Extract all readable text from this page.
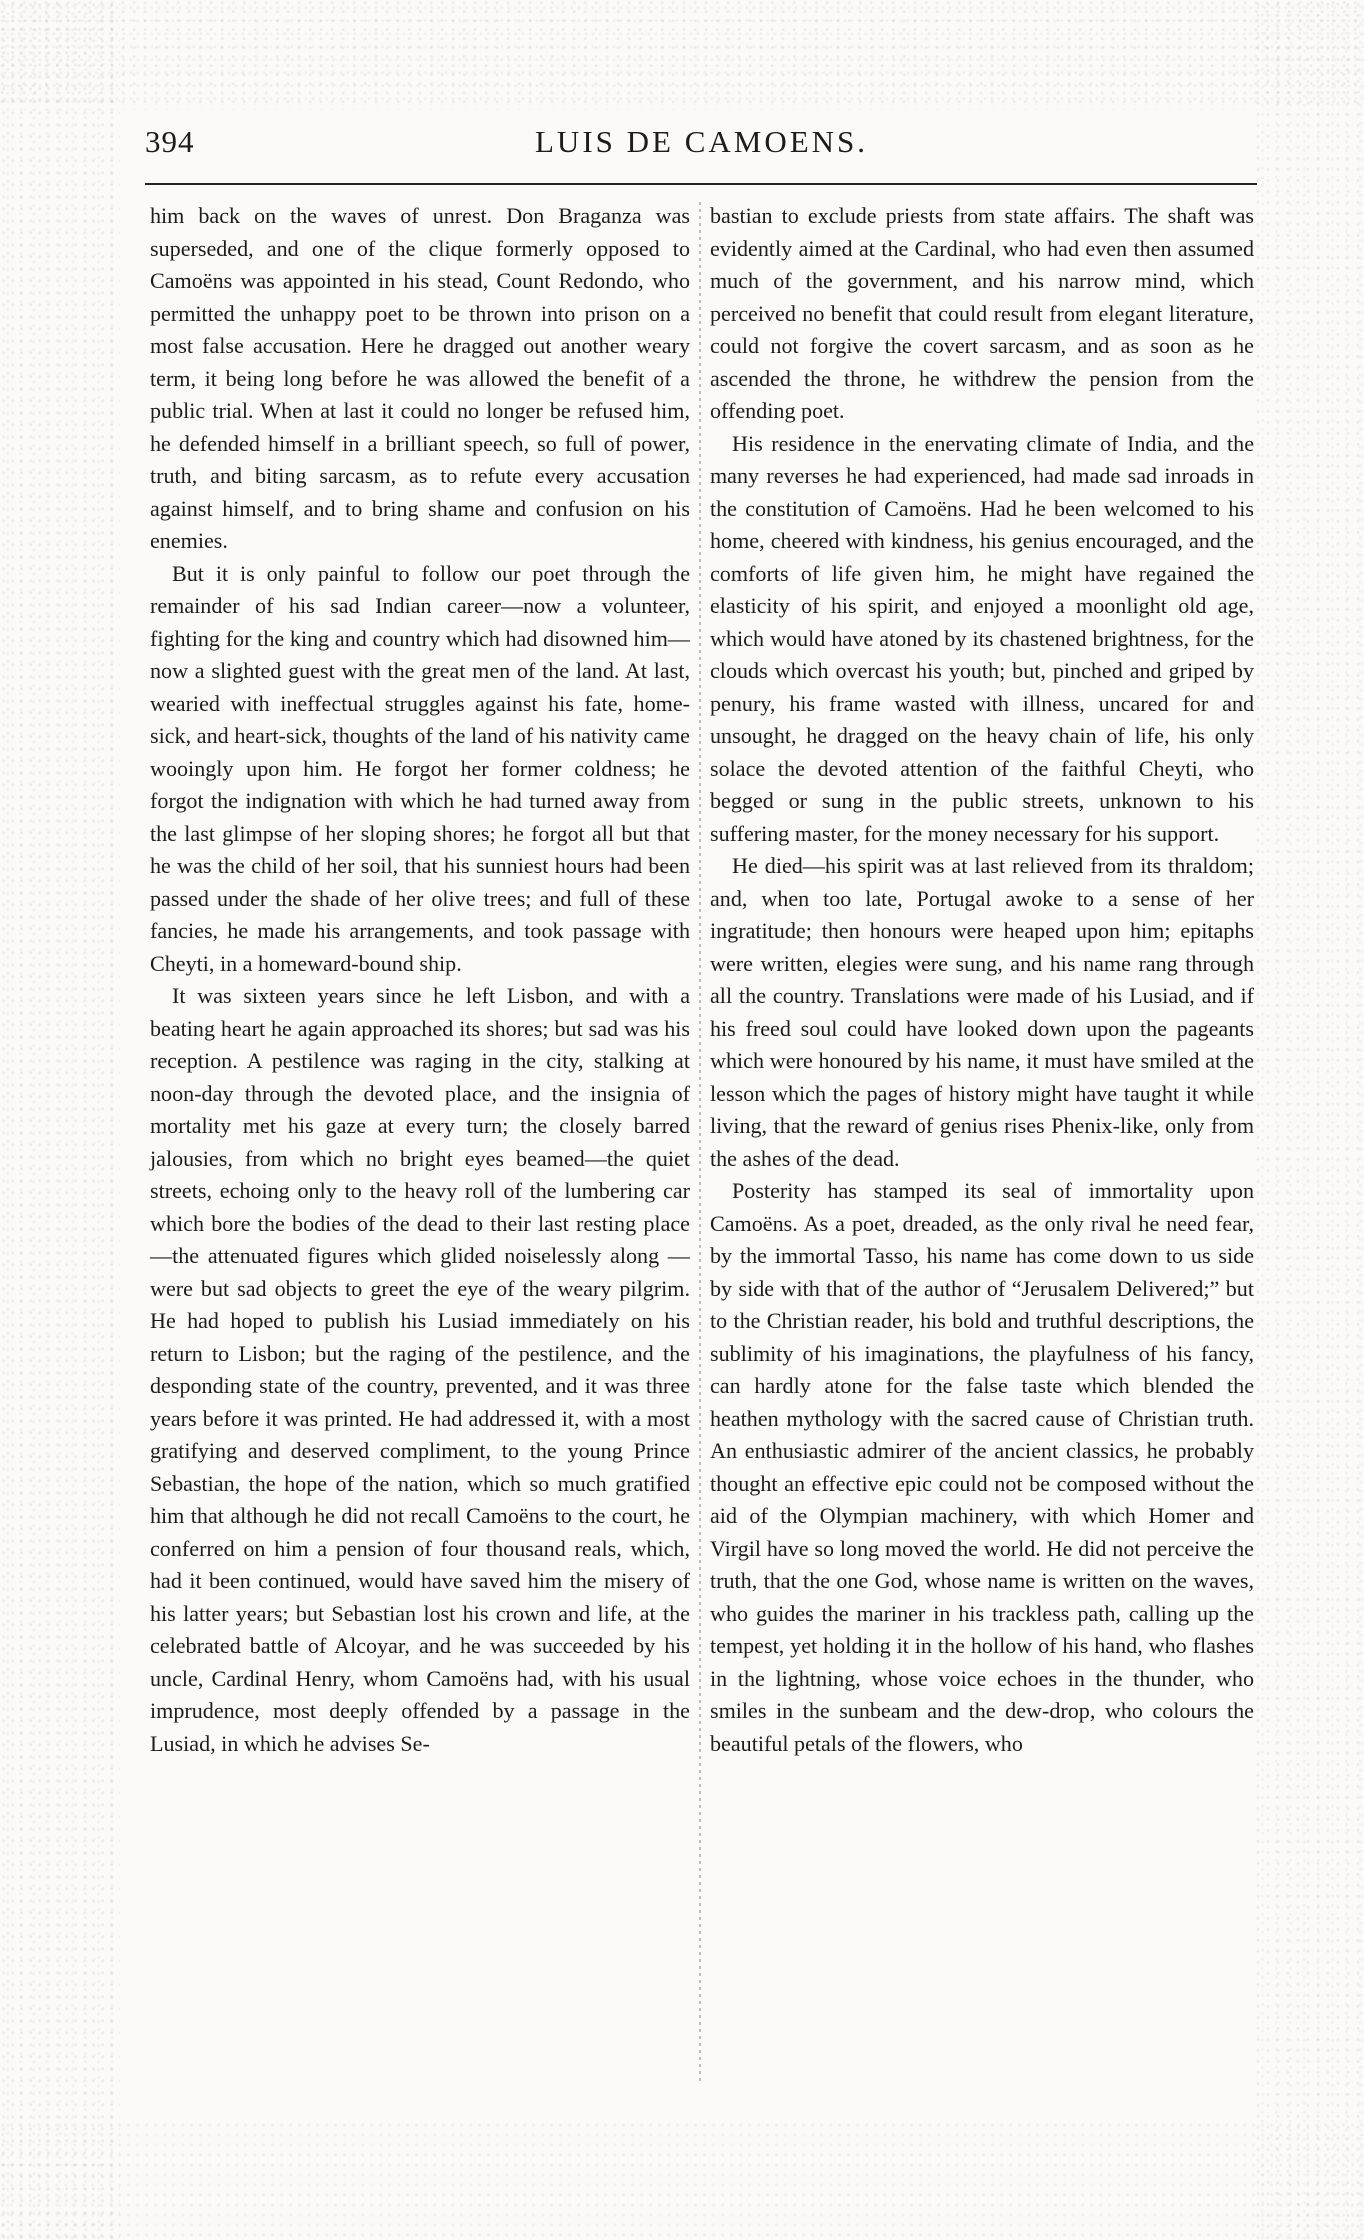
394	LUIS DE CAMOENS.

him back on the waves of unrest. Don Braganza was superseded, and one of the clique formerly opposed to Camoëns was appointed in his stead, Count Redondo, who permitted the unhappy poet to be thrown into prison on a most false accusation. Here he dragged out another weary term, it being long before he was allowed the benefit of a public trial. When at last it could no longer be refused him, he defended himself in a brilliant speech, so full of power, truth, and biting sarcasm, as to refute every accusation against himself, and to bring shame and confusion on his enemies.

But it is only painful to follow our poet through the remainder of his sad Indian career—now a volunteer, fighting for the king and country which had disowned him—now a slighted guest with the great men of the land. At last, wearied with ineffectual struggles against his fate, home-sick, and heart-sick, thoughts of the land of his nativity came wooingly upon him. He forgot her former coldness; he forgot the indignation with which he had turned away from the last glimpse of her sloping shores; he forgot all but that he was the child of her soil, that his sunniest hours had been passed under the shade of her olive trees; and full of these fancies, he made his arrangements, and took passage with Cheyti, in a homeward-bound ship.

It was sixteen years since he left Lisbon, and with a beating heart he again approached its shores; but sad was his reception. A pestilence was raging in the city, stalking at noon-day through the devoted place, and the insignia of mortality met his gaze at every turn; the closely barred jalousies, from which no bright eyes beamed—the quiet streets, echoing only to the heavy roll of the lumbering car which bore the bodies of the dead to their last resting place—the attenuated figures which glided noiselessly along —were but sad objects to greet the eye of the weary pilgrim. He had hoped to publish his Lusiad immediately on his return to Lisbon; but the raging of the pestilence, and the desponding state of the country, prevented, and it was three years before it was printed. He had addressed it, with a most gratifying and deserved compliment, to the young Prince Sebastian, the hope of the nation, which so much gratified him that although he did not recall Camoëns to the court, he conferred on him a pension of four thousand reals, which, had it been continued, would have saved him the misery of his latter years; but Sebastian lost his crown and life, at the celebrated battle of Alcoyar, and he was succeeded by his uncle, Cardinal Henry, whom Camoëns had, with his usual imprudence, most deeply offended by a passage in the Lusiad, in which he advises Se-

bastian to exclude priests from state affairs. The shaft was evidently aimed at the Cardinal, who had even then assumed much of the government, and his narrow mind, which perceived no benefit that could result from elegant literature, could not forgive the covert sarcasm, and as soon as he ascended the throne, he withdrew the pension from the offending poet.

His residence in the enervating climate of India, and the many reverses he had experienced, had made sad inroads in the constitution of Camoëns. Had he been welcomed to his home, cheered with kindness, his genius encouraged, and the comforts of life given him, he might have regained the elasticity of his spirit, and enjoyed a moonlight old age, which would have atoned by its chastened brightness, for the clouds which overcast his youth; but, pinched and griped by penury, his frame wasted with illness, uncared for and unsought, he dragged on the heavy chain of life, his only solace the devoted attention of the faithful Cheyti, who begged or sung in the public streets, unknown to his suffering master, for the money necessary for his support.

He died—his spirit was at last relieved from its thraldom; and, when too late, Portugal awoke to a sense of her ingratitude; then honours were heaped upon him; epitaphs were written, elegies were sung, and his name rang through all the country. Translations were made of his Lusiad, and if his freed soul could have looked down upon the pageants which were honoured by his name, it must have smiled at the lesson which the pages of history might have taught it while living, that the reward of genius rises Phenix-like, only from the ashes of the dead.

Posterity has stamped its seal of immortality upon Camoëns. As a poet, dreaded, as the only rival he need fear, by the immortal Tasso, his name has come down to us side by side with that of the author of “Jerusalem Delivered;” but to the Christian reader, his bold and truthful descriptions, the sublimity of his imaginations, the playfulness of his fancy, can hardly atone for the false taste which blended the heathen mythology with the sacred cause of Christian truth. An enthusiastic admirer of the ancient classics, he probably thought an effective epic could not be composed without the aid of the Olympian machinery, with which Homer and Virgil have so long moved the world. He did not perceive the truth, that the one God, whose name is written on the waves, who guides the mariner in his trackless path, calling up the tempest, yet holding it in the hollow of his hand, who flashes in the lightning, whose voice echoes in the thunder, who smiles in the sunbeam and the dew-drop, who colours the beautiful petals of the flowers, who
